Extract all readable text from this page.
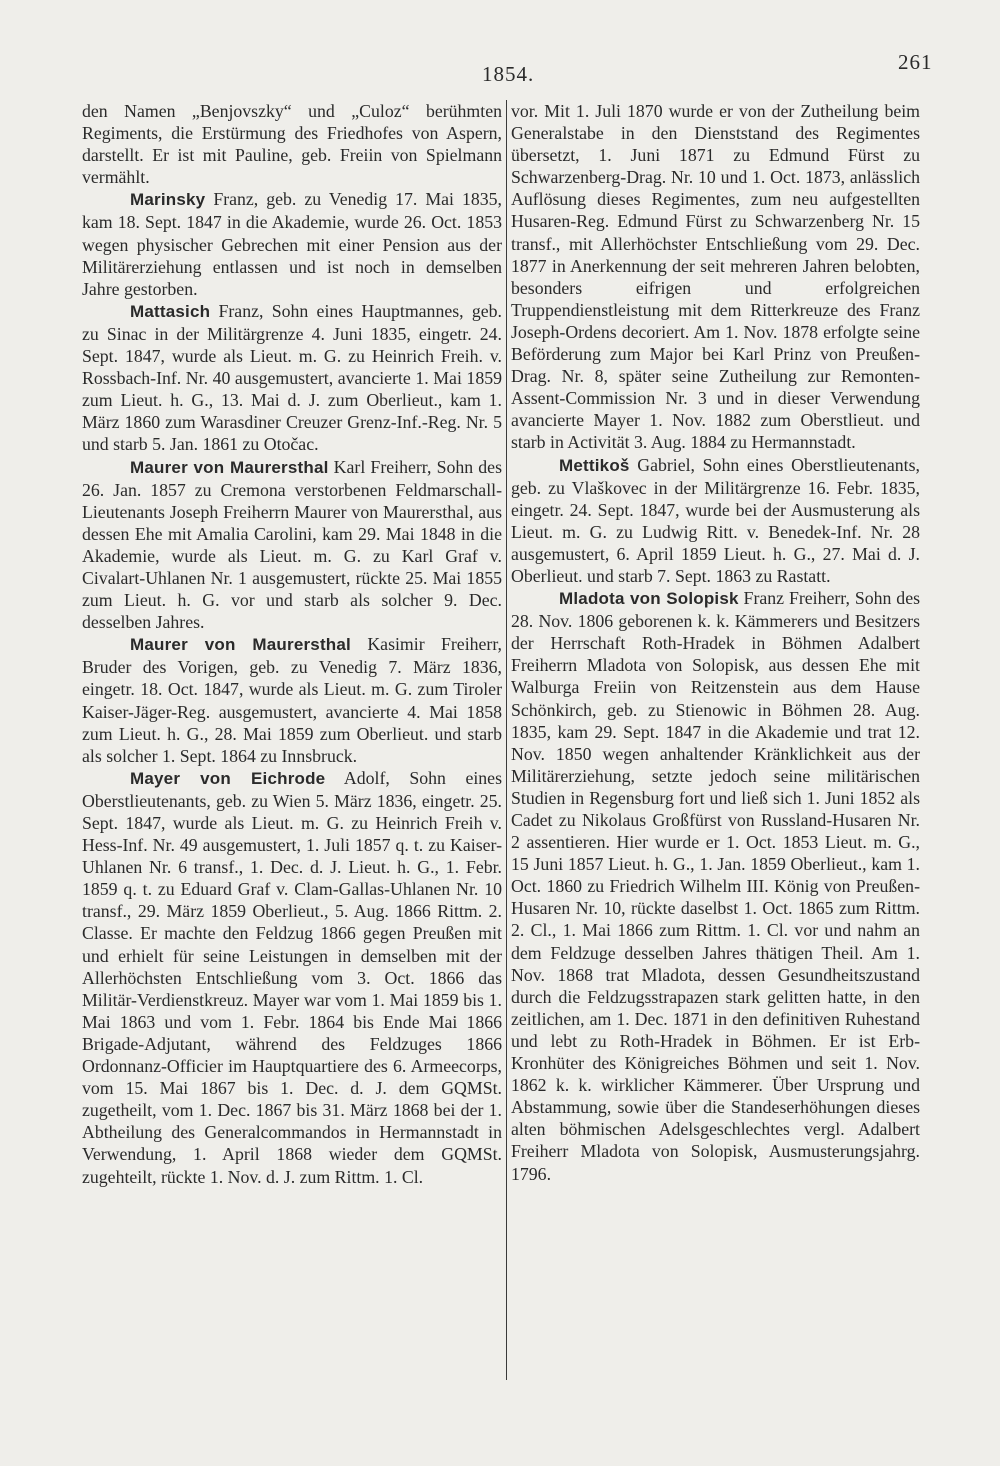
1854.	261

den Namen „Benjovszky“ und „Culoz“ berühmten Regiments, die Erstürmung des Friedhofes von Aspern, darstellt. Er ist mit Pauline, geb. Freiin von Spielmann vermählt.

Marinsky Franz, geb. zu Venedig 17. Mai 1835, kam 18. Sept. 1847 in die Akademie, wurde 26. Oct. 1853 wegen physischer Gebrechen mit einer Pension aus der Militärerziehung entlassen und ist noch in demselben Jahre gestorben.

Mattasich Franz, Sohn eines Hauptmannes, geb. zu Sinac in der Militärgrenze 4. Juni 1835, eingetr. 24. Sept. 1847, wurde als Lieut. m. G. zu Heinrich Freih. v. Rossbach-Inf. Nr. 40 ausgemustert, avancierte 1. Mai 1859 zum Lieut. h. G., 13. Mai d. J. zum Oberlieut., kam 1. März 1860 zum Warasdiner Creuzer Grenz-Inf.-Reg. Nr. 5 und starb 5. Jan. 1861 zu Otočac.

Maurer von Maurersthal Karl Freiherr, Sohn des 26. Jan. 1857 zu Cremona verstorbenen Feldmarschall-Lieutenants Joseph Freiherrn Maurer von Maurersthal, aus dessen Ehe mit Amalia Carolini, kam 29. Mai 1848 in die Akademie, wurde als Lieut. m. G. zu Karl Graf v. Civalart-Uhlanen Nr. 1 ausgemustert, rückte 25. Mai 1855 zum Lieut. h. G. vor und starb als solcher 9. Dec. desselben Jahres.

Maurer von Maurersthal Kasimir Freiherr, Bruder des Vorigen, geb. zu Venedig 7. März 1836, eingetr. 18. Oct. 1847, wurde als Lieut. m. G. zum Tiroler Kaiser-Jäger-Reg. ausgemustert, avancierte 4. Mai 1858 zum Lieut. h. G., 28. Mai 1859 zum Oberlieut. und starb als solcher 1. Sept. 1864 zu Innsbruck.

Mayer von Eichrode Adolf, Sohn eines Oberstlieutenants, geb. zu Wien 5. März 1836, eingetr. 25. Sept. 1847, wurde als Lieut. m. G. zu Heinrich Freih v. Hess-Inf. Nr. 49 ausgemustert, 1. Juli 1857 q. t. zu Kaiser-Uhlanen Nr. 6 transf., 1. Dec. d. J. Lieut. h. G., 1. Febr. 1859 q. t. zu Eduard Graf v. Clam-Gallas-Uhlanen Nr. 10 transf., 29. März 1859 Oberlieut., 5. Aug. 1866 Rittm. 2. Classe. Er machte den Feldzug 1866 gegen Preußen mit und erhielt für seine Leistungen in demselben mit der Allerhöchsten Entschließung vom 3. Oct. 1866 das Militär-Verdienstkreuz. Mayer war vom 1. Mai 1859 bis 1. Mai 1863 und vom 1. Febr. 1864 bis Ende Mai 1866 Brigade-Adjutant, während des Feldzuges 1866 Ordonnanz-Officier im Hauptquartiere des 6. Armeecorps, vom 15. Mai 1867 bis 1. Dec. d. J. dem GQMSt. zugetheilt, vom 1. Dec. 1867 bis 31. März 1868 bei der 1. Abtheilung des Generalcommandos in Hermannstadt in Verwendung, 1. April 1868 wieder dem GQMSt. zugehteilt, rückte 1. Nov. d. J. zum Rittm. 1. Cl.

vor. Mit 1. Juli 1870 wurde er von der Zutheilung beim Generalstabe in den Dienststand des Regimentes übersetzt, 1. Juni 1871 zu Edmund Fürst zu Schwarzenberg-Drag. Nr. 10 und 1. Oct. 1873, anlässlich Auflösung dieses Regimentes, zum neu aufgestellten Husaren-Reg. Edmund Fürst zu Schwarzenberg Nr. 15 transf., mit Allerhöchster Entschließung vom 29. Dec. 1877 in Anerkennung der seit mehreren Jahren belobten, besonders eifrigen und erfolgreichen Truppendienstleistung mit dem Ritterkreuze des Franz Joseph-Ordens decoriert. Am 1. Nov. 1878 erfolgte seine Beförderung zum Major bei Karl Prinz von Preußen-Drag. Nr. 8, später seine Zutheilung zur Remonten-Assent-Commission Nr. 3 und in dieser Verwendung avancierte Mayer 1. Nov. 1882 zum Oberstlieut. und starb in Activität 3. Aug. 1884 zu Hermannstadt.

Mettikoš Gabriel, Sohn eines Oberstlieutenants, geb. zu Vlaškovec in der Militärgrenze 16. Febr. 1835, eingetr. 24. Sept. 1847, wurde bei der Ausmusterung als Lieut. m. G. zu Ludwig Ritt. v. Benedek-Inf. Nr. 28 ausgemustert, 6. April 1859 Lieut. h. G., 27. Mai d. J. Oberlieut. und starb 7. Sept. 1863 zu Rastatt.

Mladota von Solopisk Franz Freiherr, Sohn des 28. Nov. 1806 geborenen k. k. Kämmerers und Besitzers der Herrschaft Roth-Hradek in Böhmen Adalbert Freiherrn Mladota von Solopisk, aus dessen Ehe mit Walburga Freiin von Reitzenstein aus dem Hause Schönkirch, geb. zu Stienowic in Böhmen 28. Aug. 1835, kam 29. Sept. 1847 in die Akademie und trat 12. Nov. 1850 wegen anhaltender Kränklichkeit aus der Militärerziehung, setzte jedoch seine militärischen Studien in Regensburg fort und ließ sich 1. Juni 1852 als Cadet zu Nikolaus Großfürst von Russland-Husaren Nr. 2 assentieren. Hier wurde er 1. Oct. 1853 Lieut. m. G., 15 Juni 1857 Lieut. h. G., 1. Jan. 1859 Oberlieut., kam 1. Oct. 1860 zu Friedrich Wilhelm III. König von Preußen-Husaren Nr. 10, rückte daselbst 1. Oct. 1865 zum Rittm. 2. Cl., 1. Mai 1866 zum Rittm. 1. Cl. vor und nahm an dem Feldzuge desselben Jahres thätigen Theil. Am 1. Nov. 1868 trat Mladota, dessen Gesundheitszustand durch die Feldzugsstrapazen stark gelitten hatte, in den zeitlichen, am 1. Dec. 1871 in den definitiven Ruhestand und lebt zu Roth-Hradek in Böhmen. Er ist Erb-Kronhüter des Königreiches Böhmen und seit 1. Nov. 1862 k. k. wirklicher Kämmerer. Über Ursprung und Abstammung, sowie über die Standeserhöhungen dieses alten böhmischen Adelsgeschlechtes vergl. Adalbert Freiherr Mladota von Solopisk, Ausmusterungsjahrg. 1796.
